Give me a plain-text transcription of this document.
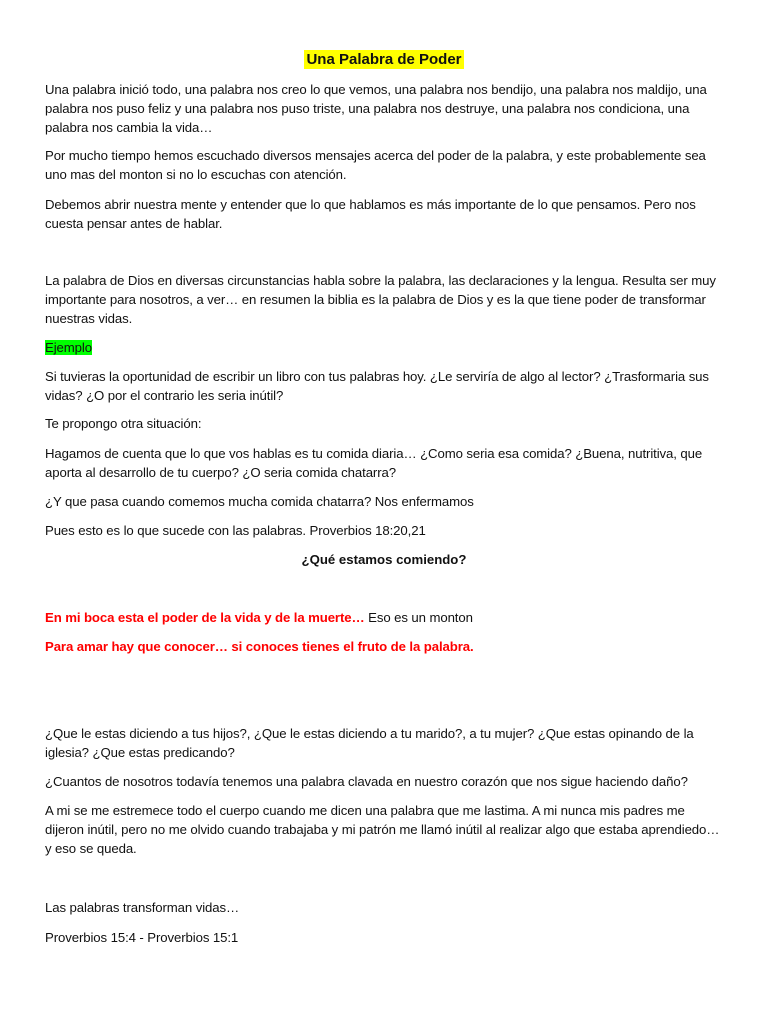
Una Palabra de Poder
Una palabra inició todo, una palabra nos creo lo que vemos, una palabra nos bendijo, una palabra nos maldijo, una palabra nos puso feliz y una palabra nos puso triste, una palabra nos destruye, una palabra nos condiciona, una palabra nos cambia la vida…
Por mucho tiempo hemos escuchado diversos mensajes acerca del poder de la palabra, y este probablemente sea uno mas del monton si no lo escuchas con atención.
Debemos abrir nuestra mente y entender que lo que hablamos es más importante de lo que pensamos. Pero nos cuesta pensar antes de hablar.
La palabra de Dios en diversas circunstancias habla sobre la palabra, las declaraciones y la lengua. Resulta ser muy importante para nosotros, a ver… en resumen la biblia es la palabra de Dios y es la que tiene poder de transformar nuestras vidas.
Ejemplo
Si tuvieras la oportunidad de escribir un libro con tus palabras hoy. ¿Le serviría de algo al lector? ¿Trasformaria sus vidas? ¿O por el contrario les seria inútil?
Te propongo otra situación:
Hagamos de cuenta que lo que vos hablas es tu comida diaria… ¿Como seria esa comida? ¿Buena, nutritiva, que aporta al desarrollo de tu cuerpo? ¿O seria comida chatarra?
¿Y que pasa cuando comemos mucha comida chatarra? Nos enfermamos
Pues esto es lo que sucede con las palabras. Proverbios 18:20,21
¿Qué estamos comiendo?
En mi boca esta el poder de la vida y de la muerte… Eso es un monton
Para amar hay que conocer… si conoces tienes el fruto de la palabra.
¿Que le estas diciendo a tus hijos?, ¿Que le estas diciendo a tu marido?, a tu mujer? ¿Que estas opinando de la iglesia? ¿Que estas predicando?
¿Cuantos de nosotros todavía tenemos una palabra clavada en nuestro corazón que nos sigue haciendo daño?
A mi se me estremece todo el cuerpo cuando me dicen una palabra que me lastima. A mi nunca mis padres me dijeron inútil, pero no me olvido cuando trabajaba y mi patrón me llamó inútil al realizar algo que estaba aprendiedo… y eso se queda.
Las palabras transforman vidas…
Proverbios 15:4 - Proverbios 15:1
